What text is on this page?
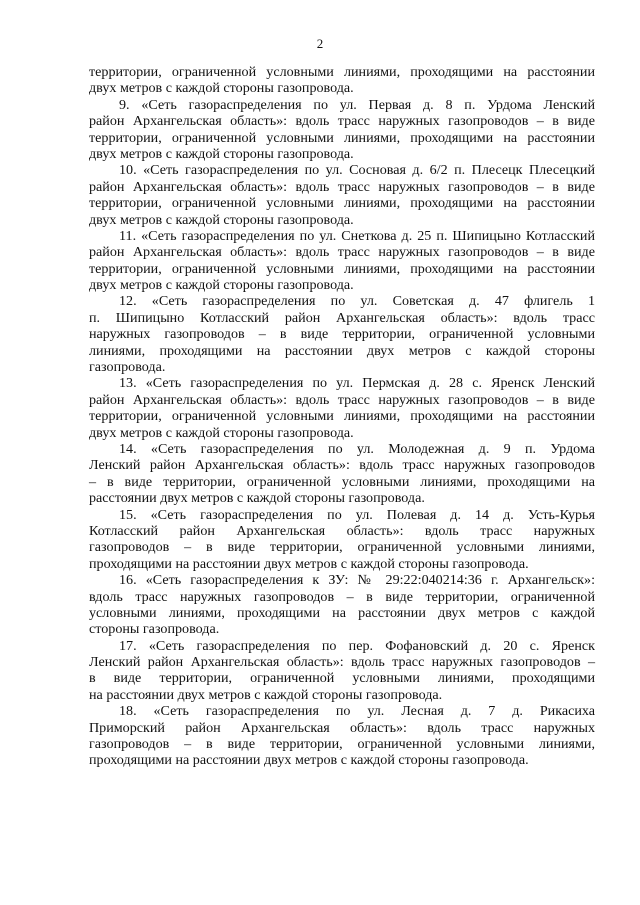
2
территории, ограниченной условными линиями, проходящими на расстоянии
двух метров с каждой стороны газопровода.
9. «Сеть газораспределения по ул. Первая д. 8 п. Урдома Ленский
район Архангельская область»: вдоль трасс наружных газопроводов – в виде
территории, ограниченной условными линиями, проходящими на расстоянии
двух метров с каждой стороны газопровода.
10. «Сеть газораспределения по ул. Сосновая д. 6/2 п. Плесецк Плесецкий
район Архангельская область»: вдоль трасс наружных газопроводов – в виде
территории, ограниченной условными линиями, проходящими на расстоянии
двух метров с каждой стороны газопровода.
11. «Сеть газораспределения по ул. Снеткова д. 25 п. Шипицыно Котласский
район Архангельская область»: вдоль трасс наружных газопроводов – в виде
территории, ограниченной условными линиями, проходящими на расстоянии
двух метров с каждой стороны газопровода.
12. «Сеть газораспределения по ул. Советская д. 47 флигель 1
п. Шипицыно Котласский район Архангельская область»: вдоль трасс
наружных газопроводов – в виде территории, ограниченной условными
линиями, проходящими на расстоянии двух метров с каждой стороны
газопровода.
13. «Сеть газораспределения по ул. Пермская д. 28 с. Яренск Ленский
район Архангельская область»: вдоль трасс наружных газопроводов – в виде
территории, ограниченной условными линиями, проходящими на расстоянии
двух метров с каждой стороны газопровода.
14. «Сеть газораспределения по ул. Молодежная д. 9 п. Урдома
Ленский район Архангельская область»: вдоль трасс наружных газопроводов
– в виде территории, ограниченной условными линиями, проходящими на
расстоянии двух метров с каждой стороны газопровода.
15. «Сеть газораспределения по ул. Полевая д. 14 д. Усть-Курья
Котласский район Архангельская область»: вдоль трасс наружных
газопроводов – в виде территории, ограниченной условными линиями,
проходящими на расстоянии двух метров с каждой стороны газопровода.
16. «Сеть газораспределения к ЗУ: № 29:22:040214:36 г. Архангельск»:
вдоль трасс наружных газопроводов – в виде территории, ограниченной
условными линиями, проходящими на расстоянии двух метров с каждой
стороны газопровода.
17. «Сеть газораспределения по пер. Фофановский д. 20 с. Яренск
Ленский район Архангельская область»: вдоль трасс наружных газопроводов –
в виде территории, ограниченной условными линиями, проходящими
на расстоянии двух метров с каждой стороны газопровода.
18. «Сеть газораспределения по ул. Лесная д. 7 д. Рикасиха
Приморский район Архангельская область»: вдоль трасс наружных
газопроводов – в виде территории, ограниченной условными линиями,
проходящими на расстоянии двух метров с каждой стороны газопровода.
